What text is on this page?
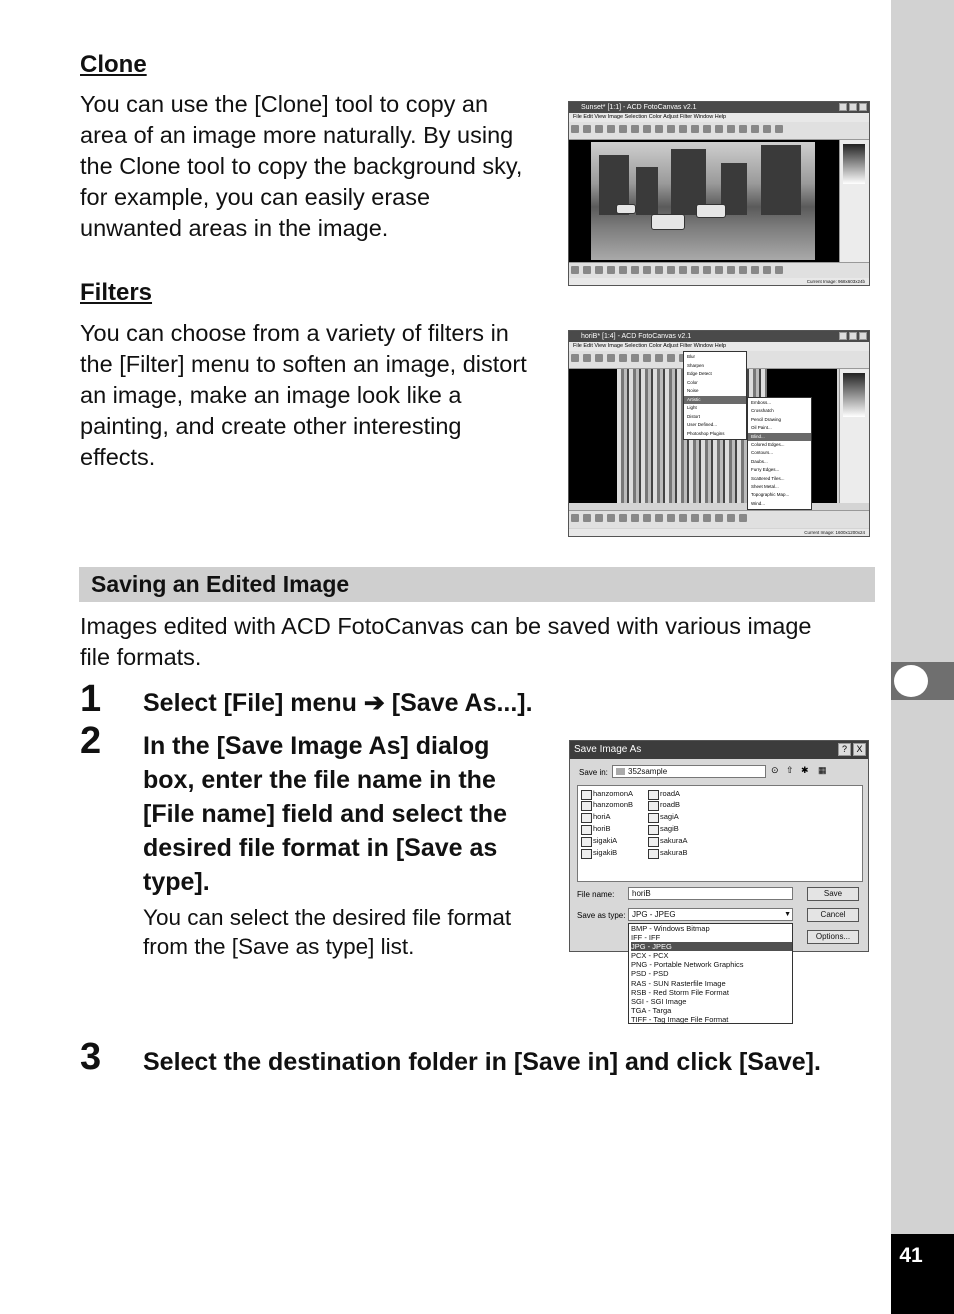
41
Clone
You can use the [Clone] tool to copy an
area of an image more naturally. By using
the Clone tool to copy the background sky,
for example, you can easily erase
unwanted areas in the image.
Sunset* [1:1] - ACD FotoCanvas v2.1
File Edit View Image Selection Color Adjust Filter Window Help
Current Image: 968x603x24b
Filters
You can choose from a variety of filters in
the [Filter] menu to soften an image, distort
an image, make an image look like a
painting, and create other interesting
effects.
horiB* [1:4] - ACD FotoCanvas v2.1
File Edit View Image Selection Color Adjust Filter Window Help
Blur
Sharpen
Edge Detect
Color
Noise
Artistic
Light
Distort
User Defined...
Photoshop Plugins
Emboss...
Crosshatch
Pencil Drawing
Oil Paint...
Blind...
Colored Edges...
Contours...
Daubs...
Furry Edges...
Scattered Tiles...
Sheet Metal...
Topographic Map...
Wind...
Current Image: 1600x1200x24
Saving an Edited Image
Images edited with ACD FotoCanvas can be saved with various image
file formats.
1 Select [File] menu ➔ [Save As...].
2 In the [Save Image As] dialog
box, enter the file name in the
[File name] field and select the
desired file format in [Save as
type].
You can select the desired file format
from the [Save as type] list.
Save Image As	?	X
Save in:	352sample	⊙ ⇧ ✱ ▦
hanzomonA
hanzomonB
horiA
horiB
sigakiA
sigakiB
roadA
roadB
sagiA
sagiB
sakuraA
sakuraB
File name:	horiB	Save
Save as type: JPG - JPEG	▼	Cancel
Options...
BMP - Windows Bitmap
IFF - IFF
JPG - JPEG
PCX - PCX
PNG - Portable Network Graphics
PSD - PSD
RAS - SUN Rasterfile Image
RSB - Red Storm File Format
SGI - SGI Image
TGA - Targa
TIFF - Tag Image File Format
3 Select the destination folder in [Save in] and click [Save].
